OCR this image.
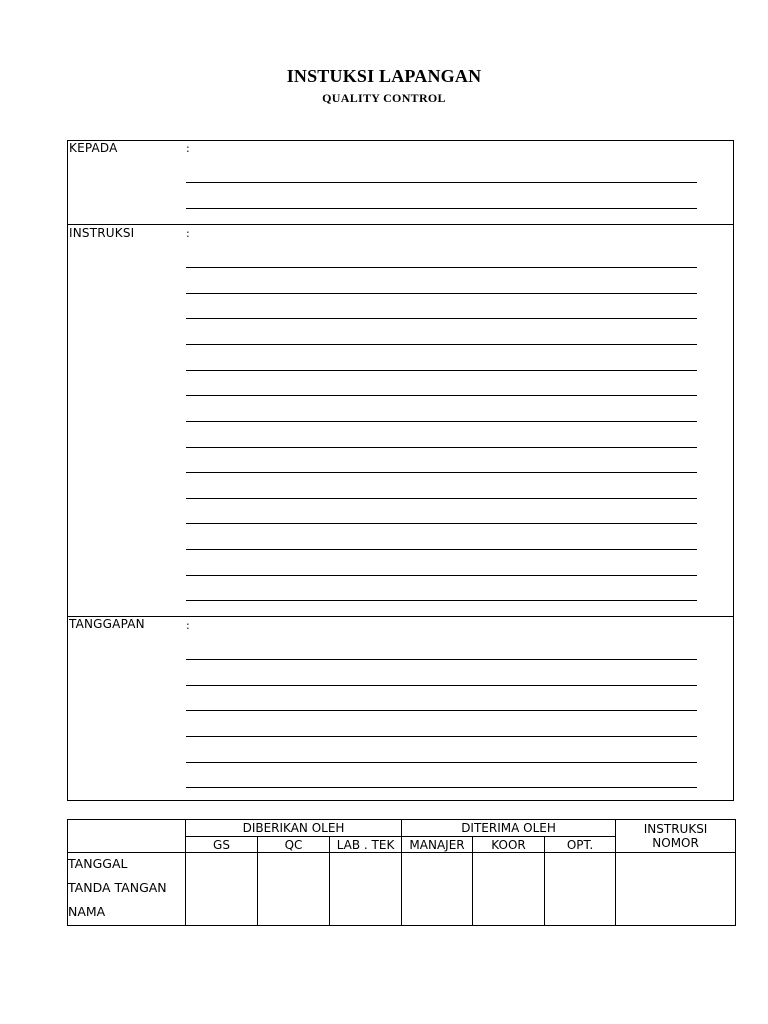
INSTUKSI LAPANGAN
QUALITY CONTROL
KEPADA	:
INSTRUKSI	:
TANGGAPAN	:
	DIBERIKAN OLEH			DITERIMA OLEH			INSTRUKSI
NOMOR

	GS	QC	LAB . TEK	MANAJER	KOOR	OPT.	

TANGGAL
TANDA TANGAN
NAMA							
